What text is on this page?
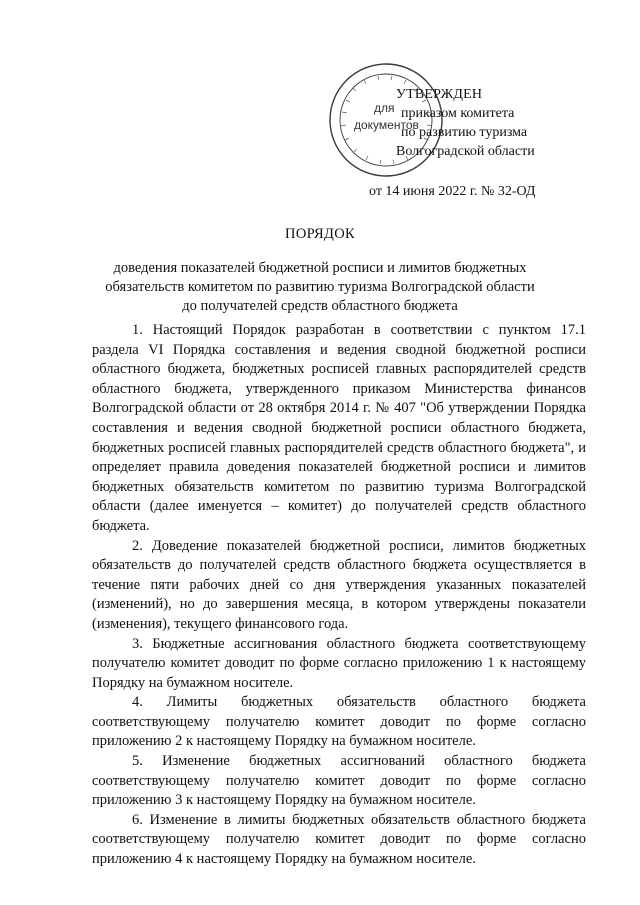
для
документов
УТВЕРЖДЕН
приказом комитета
по развитию туризма
Волгоградской области
от 14 июня 2022 г. № 32-ОД
ПОРЯДОК
доведения показателей бюджетной росписи и лимитов бюджетных
обязательств комитетом по развитию туризма Волгоградской области
до получателей средств областного бюджета

1. Настоящий Порядок разработан в соответствии с пунктом 17.1 раздела VI Порядка составления и ведения сводной бюджетной росписи областного бюджета, бюджетных росписей главных распорядителей средств областного бюджета, утвержденного приказом Министерства финансов Волгоградской области от 28 октября 2014 г. № 407 "Об утверждении Порядка составления и ведения сводной бюджетной росписи областного бюджета, бюджетных росписей главных распорядителей средств областного бюджета", и определяет правила доведения показателей бюджетной росписи и лимитов бюджетных обязательств комитетом по развитию туризма Волгоградской области (далее именуется – комитет) до получателей средств областного бюджета.

2. Доведение показателей бюджетной росписи, лимитов бюджетных обязательств до получателей средств областного бюджета осуществляется в течение пяти рабочих дней со дня утверждения указанных показателей (изменений), но до завершения месяца, в котором утверждены показатели (изменения), текущего финансового года.

3. Бюджетные ассигнования областного бюджета соответствующему получателю комитет доводит по форме согласно приложению 1 к настоящему Порядку на бумажном носителе.

4. Лимиты бюджетных обязательств областного бюджета соответствующему получателю комитет доводит по форме согласно приложению 2 к настоящему Порядку на бумажном носителе.

5. Изменение бюджетных ассигнований областного бюджета соответствующему получателю комитет доводит по форме согласно приложению 3 к настоящему Порядку на бумажном носителе.

6. Изменение в лимиты бюджетных обязательств областного бюджета соответствующему получателю комитет доводит по форме согласно приложению 4 к настоящему Порядку на бумажном носителе.
